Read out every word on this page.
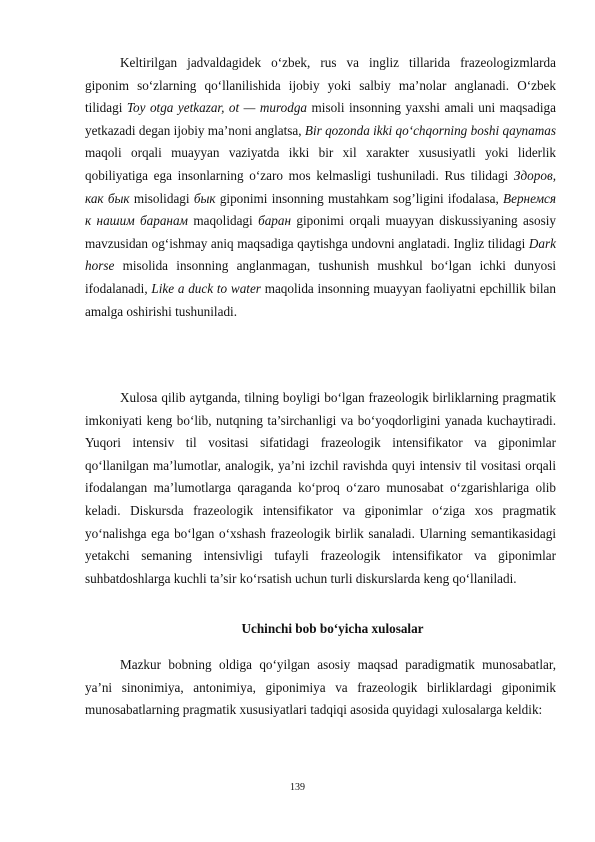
Keltirilgan jadvaldagidek o‘zbek, rus va ingliz tillarida frazeologizmlarda giponim so‘zlarning qo‘llanilishida ijobiy yoki salbiy ma’nolar anglanadi. O‘zbek tilidagi Toy otga yetkazar, ot — murodga misoli insonning yaxshi amali uni maqsadiga yetkazadi degan ijobiy ma’noni anglatsa, Bir qozonda ikki qo‘chqorning boshi qaynamas maqoli orqali muayyan vaziyatda ikki bir xil xarakter xususiyatli yoki liderlik qobiliyatiga ega insonlarning o‘zaro mos kelmasligi tushuniladi. Rus tilidagi Здоров, как бык misolidagi бык giponimi insonning mustahkam sog’ligini ifodalasa, Вернемся к нашим баранам maqolidagi баран giponimi orqali muayyan diskussiyaning asosiy mavzusidan og‘ishmay aniq maqsadiga qaytishga undovni anglatadi. Ingliz tilidagi Dark horse misolida insonning anglanmagan, tushunish mushkul bo‘lgan ichki dunyosi ifodalanadi, Like a duck to water maqolida insonning muayyan faoliyatni epchillik bilan amalga oshirishi tushuniladi.

Xulosa qilib aytganda, tilning boyligi bo‘lgan frazeologik birliklarning pragmatik imkoniyati keng bo‘lib, nutqning ta’sirchanligi va bo‘yoqdorligini yanada kuchaytiradi. Yuqori intensiv til vositasi sifatidagi frazeologik intensifikator va giponimlar qo‘llanilgan ma’lumotlar, analogik, ya’ni izchil ravishda quyi intensiv til vositasi orqali ifodalangan ma’lumotlarga qaraganda ko‘proq o‘zaro munosabat o‘zgarishlariga olib keladi. Diskursda frazeologik intensifikator va giponimlar o‘ziga xos pragmatik yo‘nalishga ega bo‘lgan o‘xshash frazeologik birlik sanaladi. Ularning semantikasidagi yetakchi semaning intensivligi tufayli frazeologik intensifikator va giponimlar suhbatdoshlarga kuchli ta’sir ko‘rsatish uchun turli diskurslarda keng qo‘llaniladi.

Uchinchi bob bo‘yicha xulosalar

Mazkur bobning oldiga qo‘yilgan asosiy maqsad paradigmatik munosabatlar, ya’ni sinonimiya, antonimiya, giponimiya va frazeologik birliklardagi giponimik munosabatlarning pragmatik xususiyatlari tadqiqi asosida quyidagi xulosalarga keldik:

139
